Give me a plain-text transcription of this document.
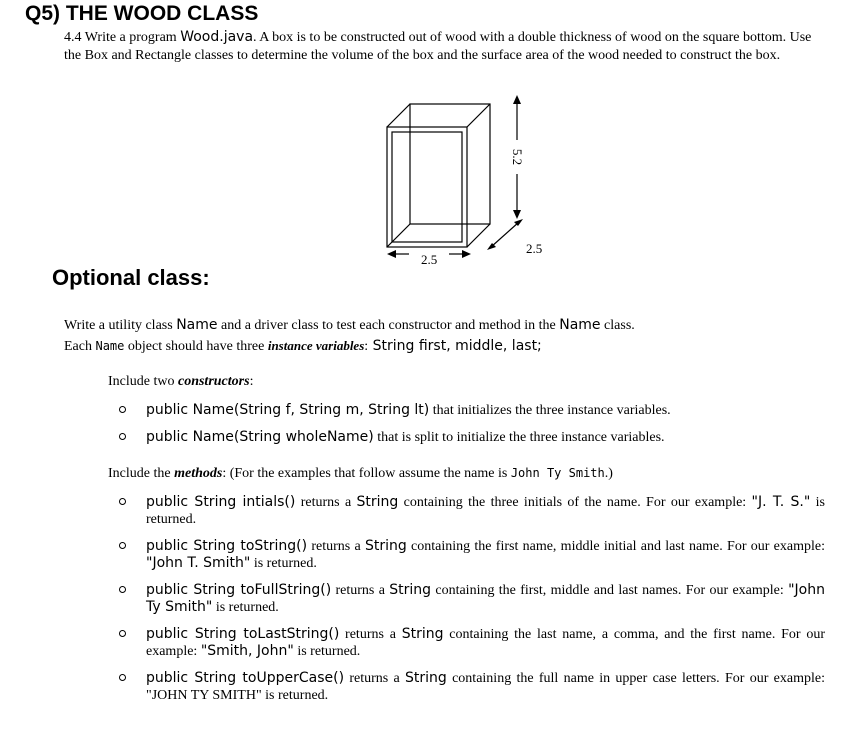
Q5) THE WOOD CLASS

4.4 Write a program Wood.java. A box is to be constructed out of wood with a double thickness of wood on the square bottom. Use the Box and Rectangle classes to determine the volume of the box and the surface area of the wood needed to construct the box.

5.2
2.5
2.5
Optional class:

Write a utility class Name and a driver class to test each constructor and method in the Name class.
Each Name object should have three instance variables: String first, middle, last;

Include two constructors:

public Name(String f, String m, String lt) that initializes the three instance variables.
public Name(String wholeName) that is split to initialize the three instance variables.

Include the methods: (For the examples that follow assume the name is John Ty Smith.)

public String intials() returns a String containing the three initials of the name. For our example: "J. T. S." is returned.
public String toString() returns a String containing the first name, middle initial and last name. For our example: "John T. Smith" is returned.
public String toFullString() returns a String containing the first, middle and last names. For our example: "John Ty Smith" is returned.
public String toLastString() returns a String containing the last name, a comma, and the first name. For our example: "Smith, John" is returned.
public String toUpperCase() returns a String containing the full name in upper case letters. For our example: "JOHN TY SMITH" is returned.
